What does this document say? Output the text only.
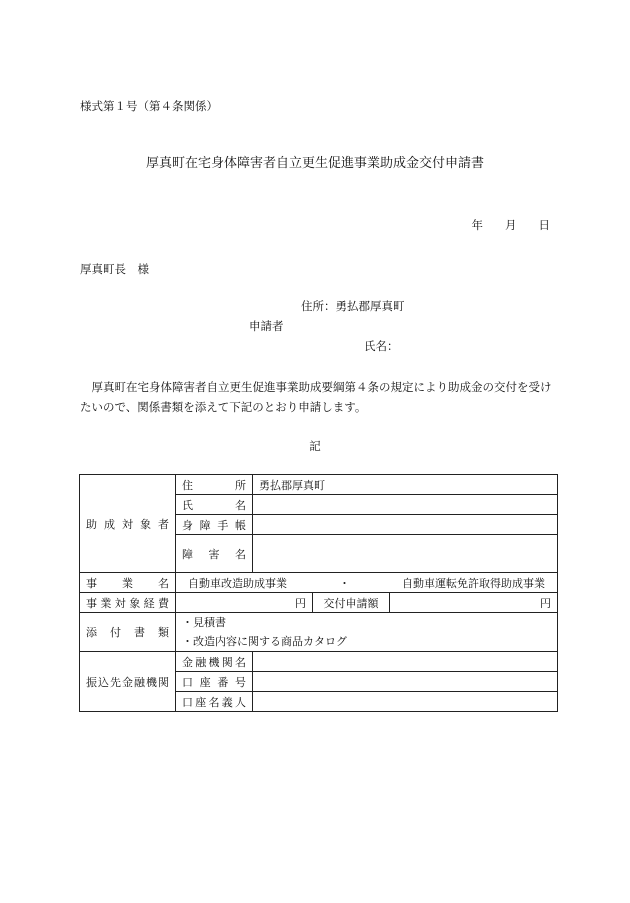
様式第１号（第４条関係）
厚真町在宅身体障害者自立更生促進事業助成金交付申請書
年 月 日
厚真町長　様
住所：勇払郡厚真町
申請者
氏名：
厚真町在宅身体障害者自立更生促進事業助成要綱第４条の規定により助成金の交付を受けたいので、関係書類を添えて下記のとおり申請します。
記
助成対象者	住　所	勇払郡厚真町		
	氏　名			
	身障手帳			
	障害名			
事業名	自動車改造助成事業 ・ 自動車運転免許取得助成事業			

事業対象経費	円		交付申請額	円
添付書類	・見積書
・改造内容に関する商品カタログ			

振込先金融機関	金融機関名			
	口座番号			
	口座名義人			
